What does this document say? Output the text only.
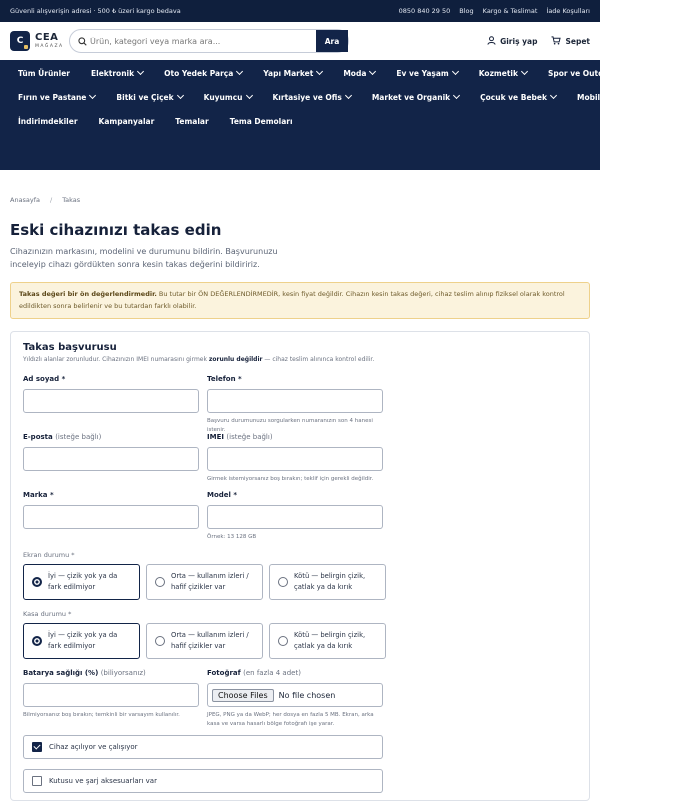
Güvenli alışverişin adresi · 500 ₺ üzeri kargo bedava	0850 840 29 50 Blog Kargo & Teslimat İade Koşulları
C	CEA
MAĞAZA
Ürün, kategori veya marka ara...
Ara	Giriş yap	Sepet
Tüm Ürünler	Elektronik	Oto Yedek Parça	Yapı Market	Moda	Ev ve Yaşam	Kozmetik	Spor ve Outdoor	Kahve
Fırın ve Pastane	Bitki ve Çiçek	Kuyumcu	Kırtasiye ve Ofis	Market ve Organik	Çocuk ve Bebek	Mobilya
İndirimdekiler	Kampanyalar	Temalar	Tema Demoları
Anasayfa / Takas
Eski cihazınızı takas edin

Cihazınızın markasını, modelini ve durumunu bildirin. Başvurunuzu inceleyip cihazı gördükten sonra kesin takas değerini bildiririz.

Takas değeri bir ön değerlendirmedir. Bu tutar bir ÖN DEĞERLENDİRMEDİR, kesin fiyat değildir. Cihazın kesin takas değeri, cihaz teslim alınıp fiziksel olarak kontrol edildikten sonra belirlenir ve bu tutardan farklı olabilir.
Takas başvurusu

Yıldızlı alanlar zorunludur. Cihazınızın IMEI numarasını girmek zorunlu değildir — cihaz teslim alınınca kontrol edilir.

Ad soyad *	Telefon *
Başvuru durumunuzu sorgularken numaranızın son 4 hanesi istenir.
E-posta (isteğe bağlı)	IMEI (isteğe bağlı)
Girmek istemiyorsanız boş bırakın; teklif için gerekli değildir.
Marka *	Model *
Örnek: 13 128 GB
Ekran durumu *
İyi — çizik yok ya da fark edilmiyor
Orta — kullanım izleri / hafif çizikler var
Kötü — belirgin çizik, çatlak ya da kırık
Kasa durumu *
İyi — çizik yok ya da fark edilmiyor
Orta — kullanım izleri / hafif çizikler var
Kötü — belirgin çizik, çatlak ya da kırık
Batarya sağlığı (%) (biliyorsanız)
Bilmiyorsanız boş bırakın; temkinli bir varsayım kullanılır.
Fotoğraf (en fazla 4 adet)
Choose Files	No file chosen
JPEG, PNG ya da WebP; her dosya en fazla 5 MB. Ekran, arka kasa ve varsa hasarlı bölge fotoğrafı işe yarar.
Cihaz açılıyor ve çalışıyor
Kutusu ve şarj aksesuarları var
